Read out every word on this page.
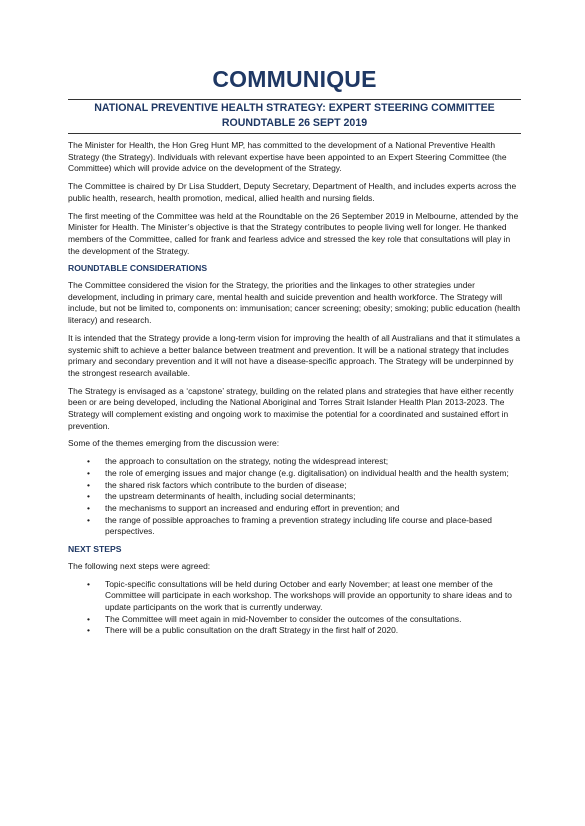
COMMUNIQUE
NATIONAL PREVENTIVE HEALTH STRATEGY: EXPERT STEERING COMMITTEE
ROUNDTABLE 26 SEPT 2019

The Minister for Health, the Hon Greg Hunt MP, has committed to the development of a National Preventive Health Strategy (the Strategy). Individuals with relevant expertise have been appointed to an Expert Steering Committee (the Committee) which will provide advice on the development of the Strategy.

The Committee is chaired by Dr Lisa Studdert, Deputy Secretary, Department of Health, and includes experts across the public health, research, health promotion, medical, allied health and nursing fields.

The first meeting of the Committee was held at the Roundtable on the 26 September 2019 in Melbourne, attended by the Minister for Health. The Minister’s objective is that the Strategy contributes to people living well for longer. He thanked members of the Committee, called for frank and fearless advice and stressed the key role that consultations will play in the development of the Strategy.

ROUNDTABLE CONSIDERATIONS

The Committee considered the vision for the Strategy, the priorities and the linkages to other strategies under development, including in primary care, mental health and suicide prevention and health workforce. The Strategy will include, but not be limited to, components on: immunisation; cancer screening; obesity; smoking; public education (health literacy) and research.

It is intended that the Strategy provide a long-term vision for improving the health of all Australians and that it stimulates a systemic shift to achieve a better balance between treatment and prevention. It will be a national strategy that includes primary and secondary prevention and it will not have a disease-specific approach. The Strategy will be underpinned by the strongest research available.

The Strategy is envisaged as a ‘capstone’ strategy, building on the related plans and strategies that have either recently been or are being developed, including the National Aboriginal and Torres Strait Islander Health Plan 2013-2023. The Strategy will complement existing and ongoing work to maximise the potential for a coordinated and sustained effort in prevention.

Some of the themes emerging from the discussion were:

• the approach to consultation on the strategy, noting the widespread interest;
• the role of emerging issues and major change (e.g. digitalisation) on individual health and the health system;
• the shared risk factors which contribute to the burden of disease;
• the upstream determinants of health, including social determinants;
• the mechanisms to support an increased and enduring effort in prevention; and
• the range of possible approaches to framing a prevention strategy including life course and place-based perspectives.
NEXT STEPS

The following next steps were agreed:

• Topic-specific consultations will be held during October and early November; at least one member of the Committee will participate in each workshop. The workshops will provide an opportunity to share ideas and to update participants on the work that is currently underway.
• The Committee will meet again in mid-November to consider the outcomes of the consultations.
• There will be a public consultation on the draft Strategy in the first half of 2020.
